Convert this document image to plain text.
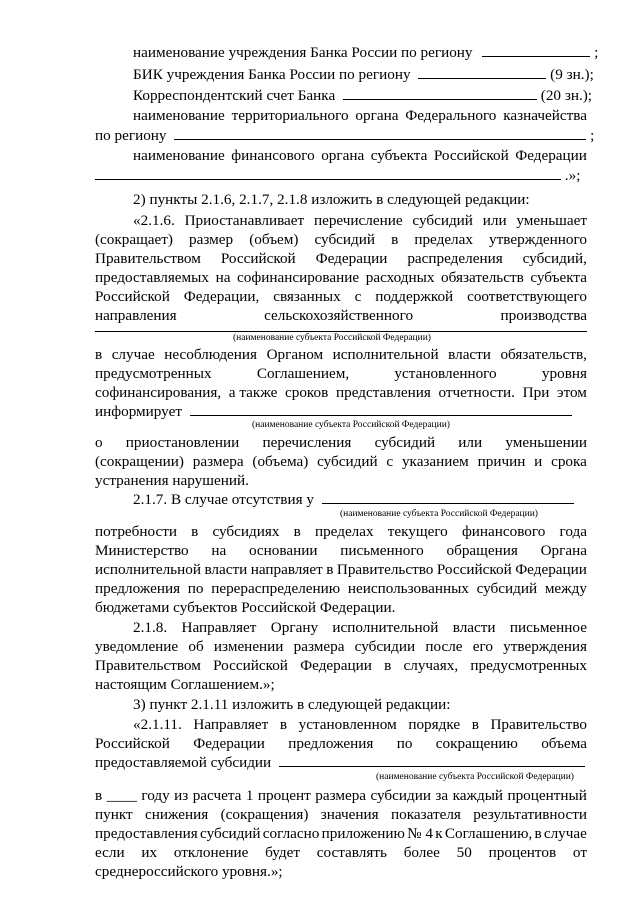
наименование учреждения Банка России по региону	;
БИК учреждения Банка России по региону	(9 зн.);
Корреспондентский счет Банка	(20 зн.);
наименование территориального органа Федерального казначейства
по региону	;
наименование финансового органа субъекта Российской Федерации
.»;
2) пункты 2.1.6, 2.1.7, 2.1.8 изложить в следующей редакции:
«2.1.6. Приостанавливает перечисление субсидий или уменьшает
(сокращает) размер (объем) субсидий в пределах утвержденного
Правительством Российской Федерации распределения субсидий,
предоставляемых на софинансирование расходных обязательств субъекта
Российской Федерации, связанных с поддержкой соответствующего
направления	сельскохозяйственного	производства
(наименование субъекта Российской Федерации)
в случае несоблюдения Органом исполнительной власти обязательств,
предусмотренных	Соглашением,	установленного	уровня
софинансирования, а также сроков представления отчетности. При этом
информирует
(наименование субъекта Российской Федерации)
о приостановлении перечисления субсидий или уменьшении
(сокращении) размера (объема) субсидий с указанием причин и срока
устранения нарушений.
2.1.7. В случае отсутствия у
(наименование субъекта Российской Федерации)
потребности в субсидиях в пределах текущего финансового года
Министерство на основании письменного обращения Органа
исполнительной власти направляет в Правительство Российской Федерации
предложения по перераспределению неиспользованных субсидий между
бюджетами субъектов Российской Федерации.
2.1.8. Направляет Органу исполнительной власти письменное
уведомление об изменении размера субсидии после его утверждения
Правительством Российской Федерации в случаях, предусмотренных
настоящим Соглашением.»;
3) пункт 2.1.11 изложить в следующей редакции:
«2.1.11. Направляет в установленном порядке в Правительство
Российской Федерации предложения по сокращению объема
предоставляемой субсидии
(наименование субъекта Российской Федерации)
в ____ году из расчета 1 процент размера субсидии за каждый процентный
пункт снижения (сокращения) значения показателя результативности
предоставления субсидий согласно приложению № 4 к Соглашению, в случае
если их отклонение будет составлять более 50 процентов от
среднероссийского уровня.»;
